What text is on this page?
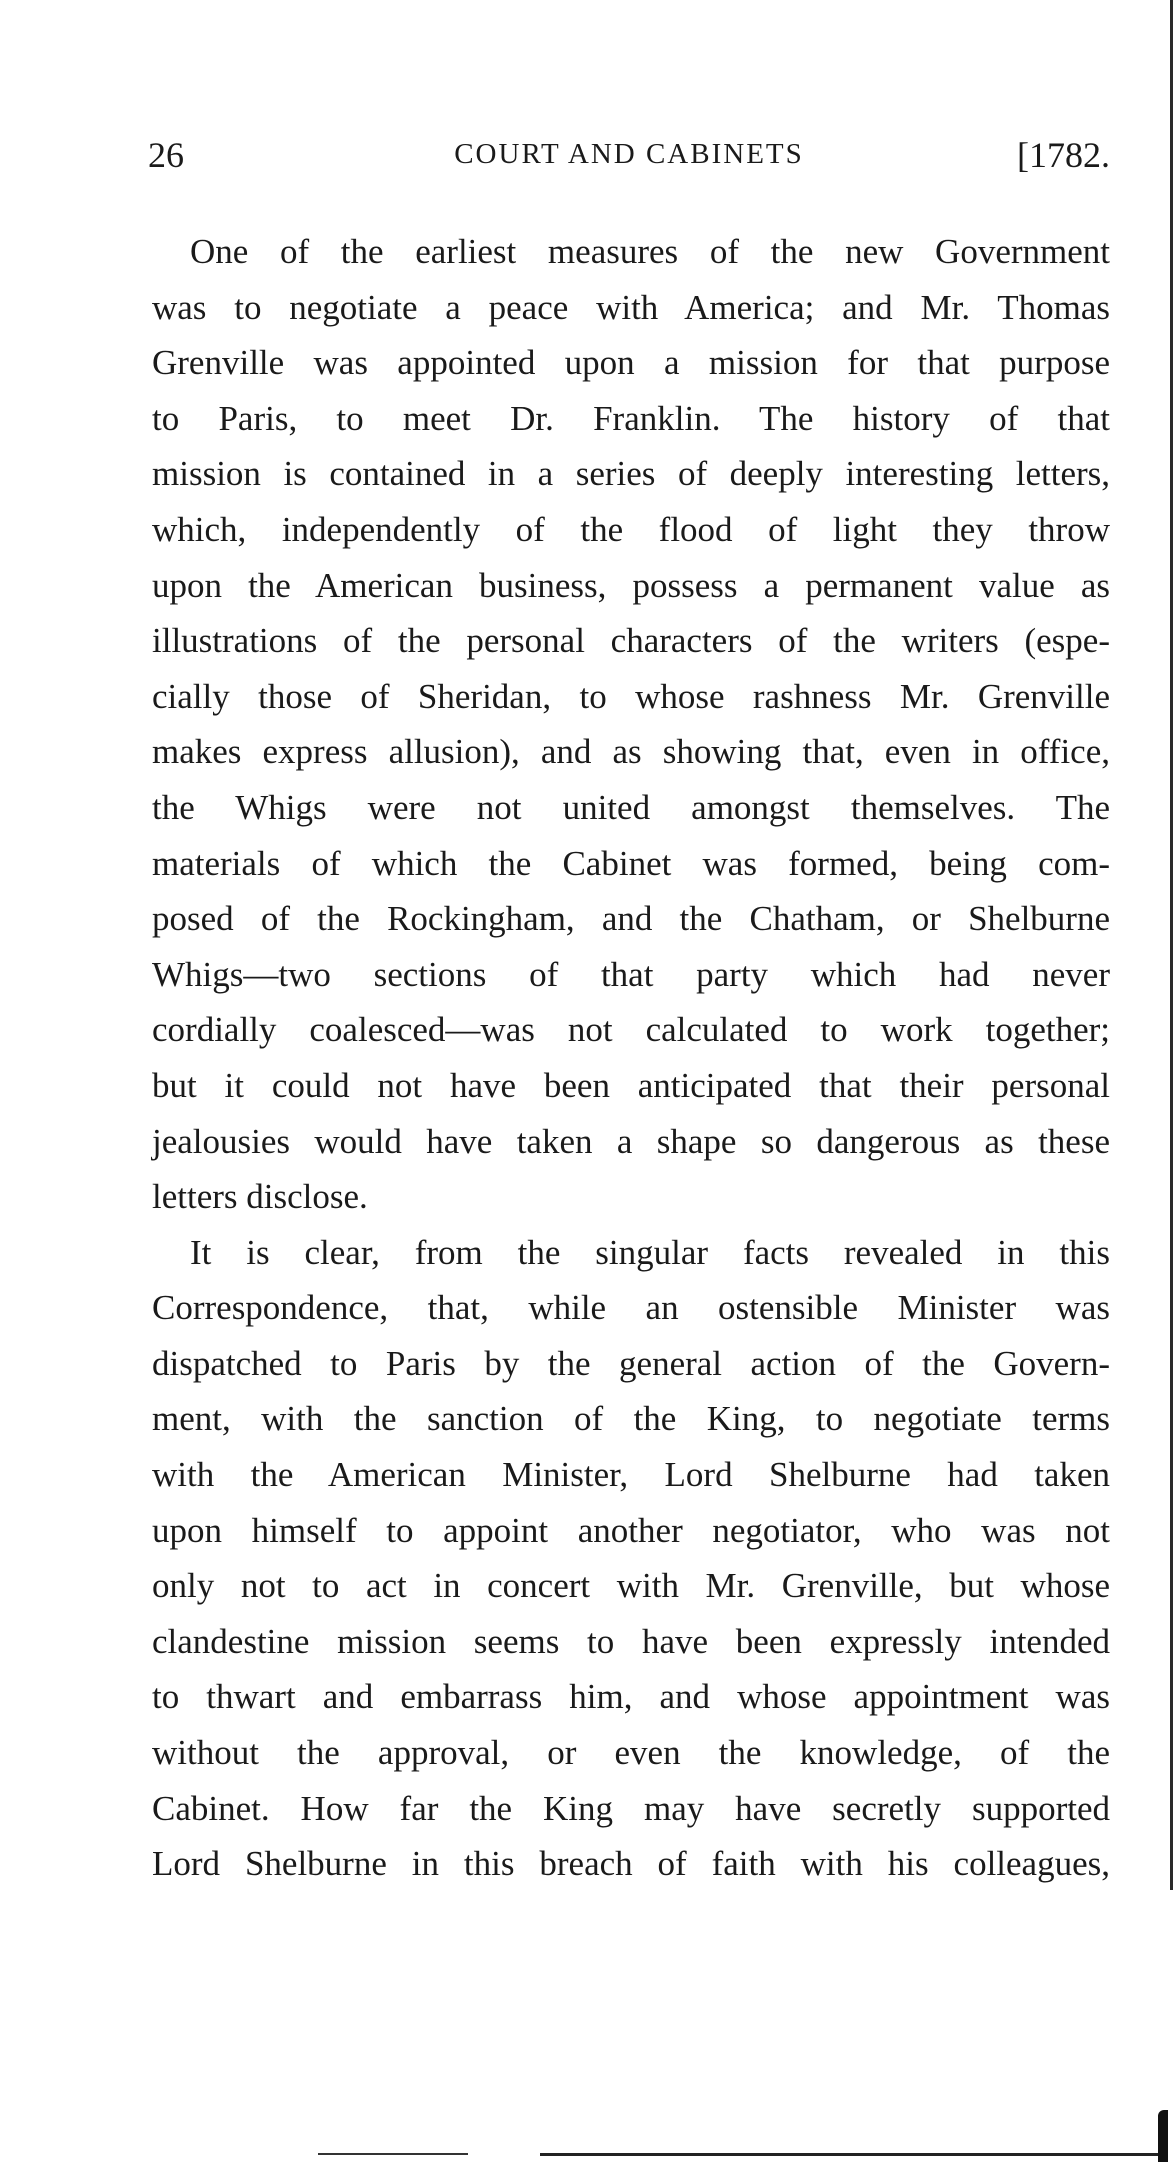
26	COURT AND CABINETS	[1782.
One of the earliest measures of the new Government
was to negotiate a peace with America; and Mr. Thomas
Grenville was appointed upon a mission for that purpose
to Paris, to meet Dr. Franklin. The history of that
mission is contained in a series of deeply interesting letters,
which, independently of the flood of light they throw
upon the American business, possess a permanent value as
illustrations of the personal characters of the writers (espe-
cially those of Sheridan, to whose rashness Mr. Grenville
makes express allusion), and as showing that, even in office,
the Whigs were not united amongst themselves. The
materials of which the Cabinet was formed, being com-
posed of the Rockingham, and the Chatham, or Shelburne
Whigs—two sections of that party which had never
cordially coalesced—was not calculated to work together;
but it could not have been anticipated that their personal
jealousies would have taken a shape so dangerous as these
letters disclose.
It is clear, from the singular facts revealed in this
Correspondence, that, while an ostensible Minister was
dispatched to Paris by the general action of the Govern-
ment, with the sanction of the King, to negotiate terms
with the American Minister, Lord Shelburne had taken
upon himself to appoint another negotiator, who was not
only not to act in concert with Mr. Grenville, but whose
clandestine mission seems to have been expressly intended
to thwart and embarrass him, and whose appointment was
without the approval, or even the knowledge, of the
Cabinet. How far the King may have secretly supported
Lord Shelburne in this breach of faith with his colleagues,
